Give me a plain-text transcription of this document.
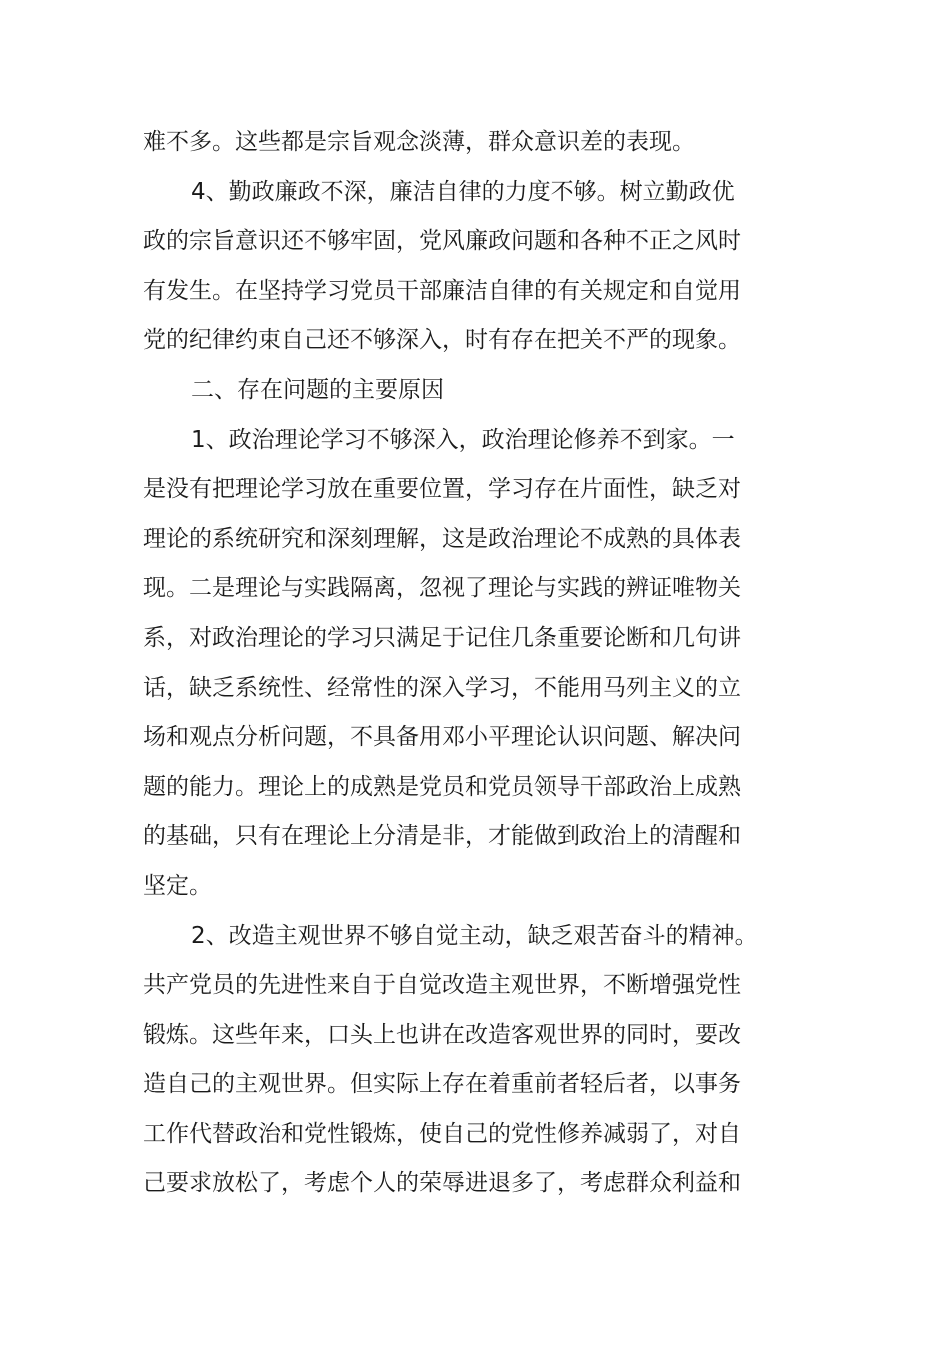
难不多。这些都是宗旨观念淡薄，群众意识差的表现。
4、勤政廉政不深，廉洁自律的力度不够。树立勤政优
政的宗旨意识还不够牢固，党风廉政问题和各种不正之风时
有发生。在坚持学习党员干部廉洁自律的有关规定和自觉用
党的纪律约束自己还不够深入，时有存在把关不严的现象。
二、存在问题的主要原因
1、政治理论学习不够深入，政治理论修养不到家。一
是没有把理论学习放在重要位置，学习存在片面性，缺乏对
理论的系统研究和深刻理解，这是政治理论不成熟的具体表
现。二是理论与实践隔离，忽视了理论与实践的辨证唯物关
系，对政治理论的学习只满足于记住几条重要论断和几句讲
话，缺乏系统性、经常性的深入学习，不能用马列主义的立
场和观点分析问题，不具备用邓小平理论认识问题、解决问
题的能力。理论上的成熟是党员和党员领导干部政治上成熟
的基础，只有在理论上分清是非，才能做到政治上的清醒和
坚定。
2、改造主观世界不够自觉主动，缺乏艰苦奋斗的精神。
共产党员的先进性来自于自觉改造主观世界，不断增强党性
锻炼。这些年来，口头上也讲在改造客观世界的同时，要改
造自己的主观世界。但实际上存在着重前者轻后者，以事务
工作代替政治和党性锻炼，使自己的党性修养减弱了，对自
己要求放松了，考虑个人的荣辱进退多了，考虑群众利益和
